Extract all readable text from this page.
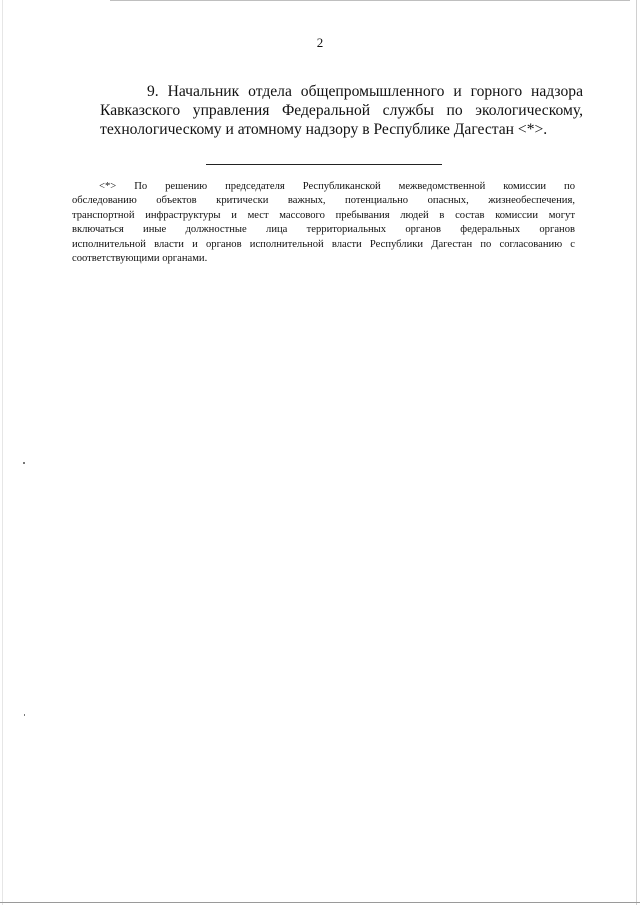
2
9. Начальник отдела общепромышленного и горного надзора
Кавказского управления Федеральной службы по экологическому,
технологическому и атомному надзору в Республике Дагестан <*>.
<*> По решению председателя Республиканской межведомственной комиссии по
обследованию объектов критически важных, потенциально опасных, жизнеобеспечения,
транспортной инфраструктуры и мест массового пребывания людей в состав комиссии могут
включаться иные должностные лица территориальных органов федеральных органов
исполнительной власти и органов исполнительной власти Республики Дагестан по согласованию с
соответствующими органами.
